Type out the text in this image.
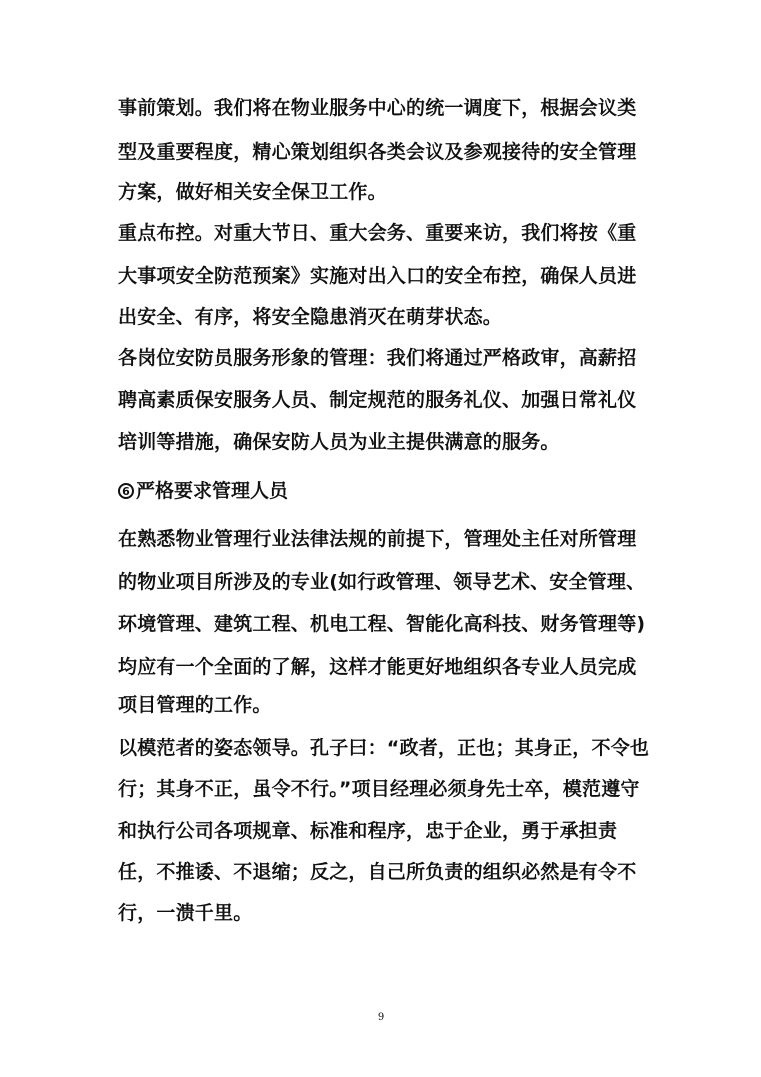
事前策划。我们将在物业服务中心的统一调度下，根据会议类

型及重要程度，精心策划组织各类会议及参观接待的安全管理

方案，做好相关安全保卫工作。

重点布控。对重大节日、重大会务、重要来访，我们将按《重

大事项安全防范预案》实施对出入口的安全布控，确保人员进

出安全、有序，将安全隐患消灭在萌芽状态。

各岗位安防员服务形象的管理：我们将通过严格政审，高薪招

聘高素质保安服务人员、制定规范的服务礼仪、加强日常礼仪

培训等措施，确保安防人员为业主提供满意的服务。

6 严格要求管理人员

在熟悉物业管理行业法律法规的前提下，管理处主任对所管理

的物业项目所涉及的专业(如行政管理、领导艺术、安全管理、

环境管理、建筑工程、机电工程、智能化高科技、财务管理等)

均应有一个全面的了解，这样才能更好地组织各专业人员完成

项目管理的工作。

以模范者的姿态领导。孔子曰：“政者，正也；其身正，不令也

行；其身不正，虽令不行。”项目经理必须身先士卒，模范遵守

和执行公司各项规章、标准和程序，忠于企业，勇于承担责

任，不推诿、不退缩；反之，自己所负责的组织必然是有令不

行，一溃千里。

9
